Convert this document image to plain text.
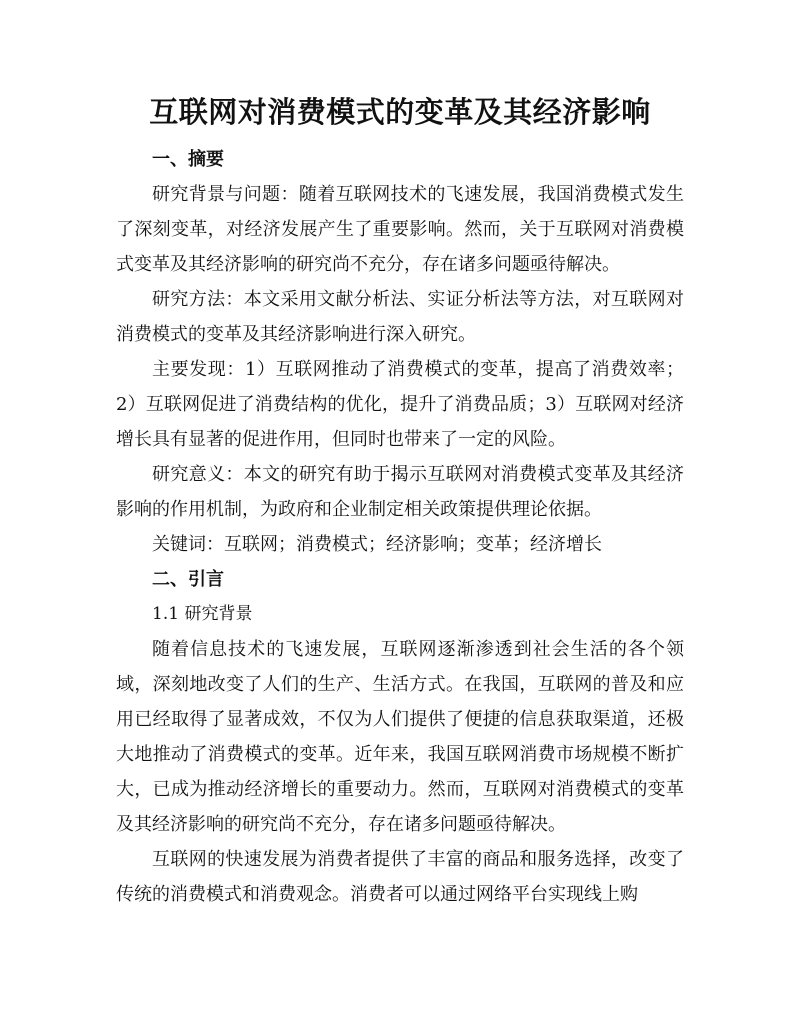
互联网对消费模式的变革及其经济影响

一、摘要

研究背景与问题：随着互联网技术的飞速发展，我国消费模式发生了深刻变革，对经济发展产生了重要影响。然而，关于互联网对消费模式变革及其经济影响的研究尚不充分，存在诸多问题亟待解决。

研究方法：本文采用文献分析法、实证分析法等方法，对互联网对消费模式的变革及其经济影响进行深入研究。

主要发现：1）互联网推动了消费模式的变革，提高了消费效率；2）互联网促进了消费结构的优化，提升了消费品质；3）互联网对经济增长具有显著的促进作用，但同时也带来了一定的风险。

研究意义：本文的研究有助于揭示互联网对消费模式变革及其经济影响的作用机制，为政府和企业制定相关政策提供理论依据。

关键词：互联网；消费模式；经济影响；变革；经济增长

二、引言

1.1 研究背景

随着信息技术的飞速发展，互联网逐渐渗透到社会生活的各个领域，深刻地改变了人们的生产、生活方式。在我国，互联网的普及和应用已经取得了显著成效，不仅为人们提供了便捷的信息获取渠道，还极大地推动了消费模式的变革。近年来，我国互联网消费市场规模不断扩大，已成为推动经济增长的重要动力。然而，互联网对消费模式的变革及其经济影响的研究尚不充分，存在诸多问题亟待解决。

互联网的快速发展为消费者提供了丰富的商品和服务选择，改变了传统的消费模式和消费观念。消费者可以通过网络平台实现线上购
